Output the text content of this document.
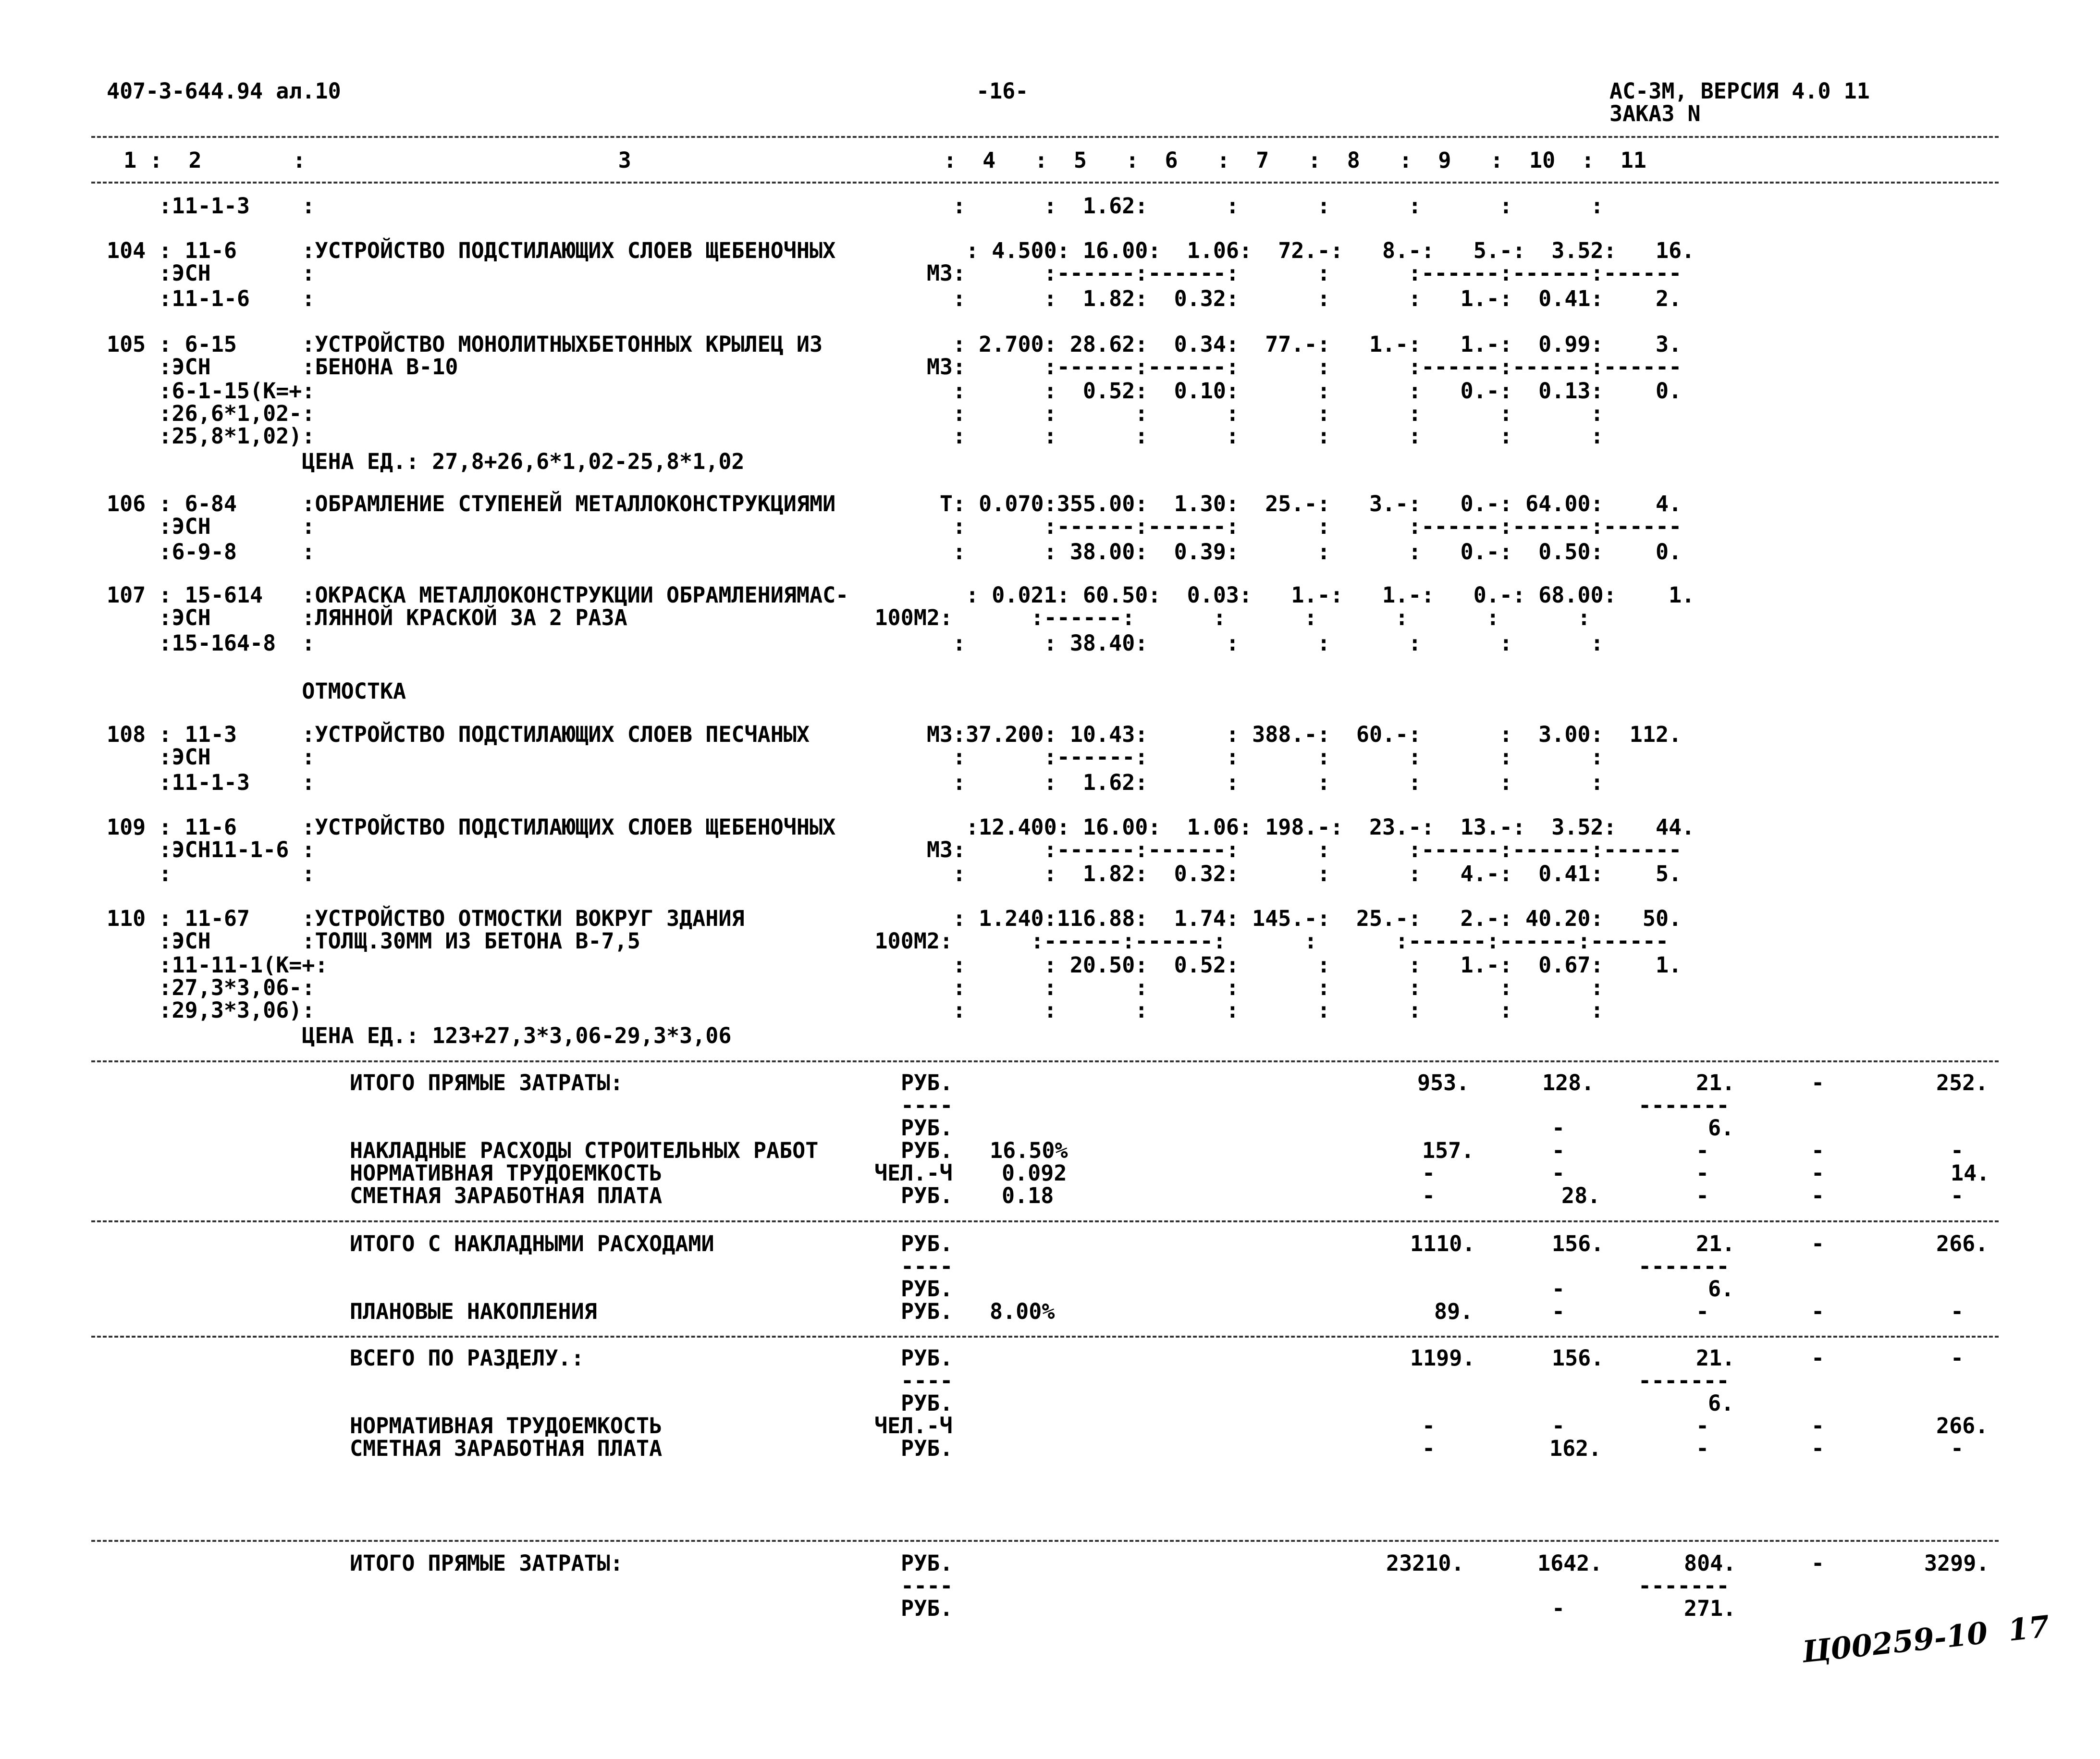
407-3-644.94 ал.10	-16-	АС-3М, ВЕРСИЯ 4.0 11
ЗАКАЗ N
1 :  2       :                        3                        :  4   :  5   :  6   :  7   :  8   :  9   :  10  :  11
:11-1-3    :                                                 :      :  1.62:      :      :      :      :      :
104 : 11-6     :УСТРОЙСТВО ПОДСТИЛАЮЩИХ СЛОЕВ ЩЕБЕНОЧНЫХ          : 4.500: 16.00:  1.06:  72.-:   8.-:   5.-:  3.52:   16.
:ЭСН       :                                               М3:      :------:------:      :      :------:------:------
:11-1-6    :                                                 :      :  1.82:  0.32:      :      :   1.-:  0.41:    2.
105 : 6-15     :УСТРОЙСТВО МОНОЛИТНЫХБЕТОННЫХ КРЫЛЕЦ ИЗ          : 2.700: 28.62:  0.34:  77.-:   1.-:   1.-:  0.99:    3.
:ЭСН       :БЕНОНА В-10                                    М3:      :------:------:      :      :------:------:------
:6-1-15(К=+:                                                 :      :  0.52:  0.10:      :      :   0.-:  0.13:    0.
:26,6*1,02-:                                                 :      :      :      :      :      :      :      :
:25,8*1,02):                                                 :      :      :      :      :      :      :      :
ЦЕНА ЕД.: 27,8+26,6*1,02-25,8*1,02
106 : 6-84     :ОБРАМЛЕНИЕ СТУПЕНЕЙ МЕТАЛЛОКОНСТРУКЦИЯМИ        Т: 0.070:355.00:  1.30:  25.-:   3.-:   0.-: 64.00:    4.
:ЭСН       :                                                 :      :------:------:      :      :------:------:------
:6-9-8     :                                                 :      : 38.00:  0.39:      :      :   0.-:  0.50:    0.
107 : 15-614   :ОКРАСКА МЕТАЛЛОКОНСТРУКЦИИ ОБРАМЛЕНИЯМАС-         : 0.021: 60.50:  0.03:   1.-:   1.-:   0.-: 68.00:    1.
:ЭСН       :ЛЯННОЙ КРАСКОЙ ЗА 2 РАЗА                   100М2:      :------:      :      :      :      :      :
:15-164-8  :                                                 :      : 38.40:      :      :      :      :      :
ОТМОСТКА
108 : 11-3     :УСТРОЙСТВО ПОДСТИЛАЮЩИХ СЛОЕВ ПЕСЧАНЫХ         М3:37.200: 10.43:      : 388.-:  60.-:      :  3.00:  112.
:ЭСН       :                                                 :      :------:      :      :      :      :      :
:11-1-3    :                                                 :      :  1.62:      :      :      :      :      :
109 : 11-6     :УСТРОЙСТВО ПОДСТИЛАЮЩИХ СЛОЕВ ЩЕБЕНОЧНЫХ          :12.400: 16.00:  1.06: 198.-:  23.-:  13.-:  3.52:   44.
:ЭСН11-1-6 :                                               М3:      :------:------:      :      :------:------:------
:          :                                                 :      :  1.82:  0.32:      :      :   4.-:  0.41:    5.
110 : 11-67    :УСТРОЙСТВО ОТМОСТКИ ВОКРУГ ЗДАНИЯ                : 1.240:116.88:  1.74: 145.-:  25.-:   2.-: 40.20:   50.
:ЭСН       :ТОЛЩ.30ММ ИЗ БЕТОНА В-7,5                  100М2:      :------:------:      :      :------:------:------
:11-11-1(К=+:                                                :      : 20.50:  0.52:      :      :   1.-:  0.67:    1.
:27,3*3,06-:                                                 :      :      :      :      :      :      :      :
:29,3*3,06):                                                 :      :      :      :      :      :      :      :
ЦЕНА ЕД.: 123+27,3*3,06-29,3*3,06
ИТОГО ПРЯМЫЕ ЗАТРАТЫ:	РУБ.	953.	128.	21.	-	252.
----	-------
РУБ.	-	6.
НАКЛАДНЫЕ РАСХОДЫ СТРОИТЕЛЬНЫХ РАБОТ	РУБ. 16.50%	157.	-	-	-	-
НОРМАТИВНАЯ ТРУДОЕМКОСТЬ	ЧЕЛ.-Ч 0.092	-	-	-	-	14.
СМЕТНАЯ ЗАРАБОТНАЯ ПЛАТА	РУБ. 0.18	-	28.	-	-	-
ИТОГО С НАКЛАДНЫМИ РАСХОДАМИ	РУБ.	1110.	156.	21.	-	266.
----	-------
РУБ.	-	6.
ПЛАНОВЫЕ НАКОПЛЕНИЯ	РУБ. 8.00%	89.	-	-	-	-
ВСЕГО ПО РАЗДЕЛУ.:	РУБ.	1199.	156.	21.	-	-
----	-------
РУБ.	6.
НОРМАТИВНАЯ ТРУДОЕМКОСТЬ	ЧЕЛ.-Ч	-	-	-	-	266.
СМЕТНАЯ ЗАРАБОТНАЯ ПЛАТА	РУБ.	-	162.	-	-	-
ИТОГО ПРЯМЫЕ ЗАТРАТЫ:	РУБ.	23210.	1642.	804.	-	3299.
----	-------
РУБ.	-	271.
Ц00259-10  17
